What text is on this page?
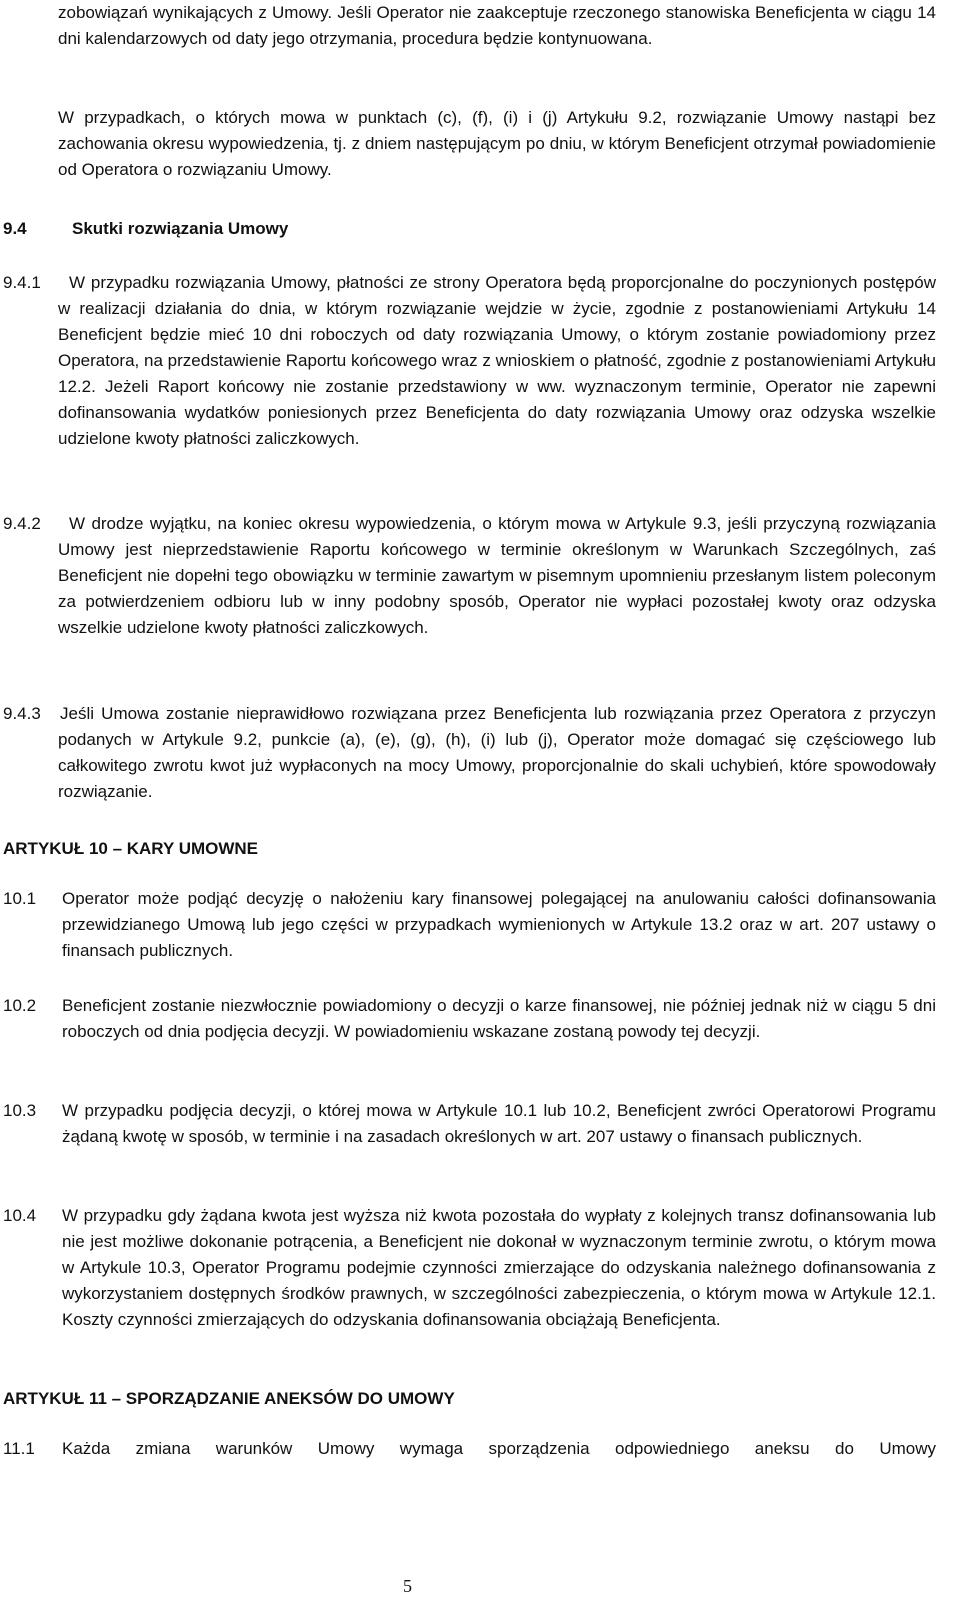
zobowiązań wynikających z Umowy. Jeśli Operator nie zaakceptuje rzeczonego stanowiska Beneficjenta w ciągu 14 dni kalendarzowych od daty jego otrzymania, procedura będzie kontynuowana.

W przypadkach, o których mowa w punktach (c), (f), (i) i (j) Artykułu 9.2, rozwiązanie Umowy nastąpi bez zachowania okresu wypowiedzenia, tj. z dniem następującym po dniu, w którym Beneficjent otrzymał powiadomienie od Operatora o rozwiązaniu Umowy.

9.4	Skutki rozwiązania Umowy

9.4.1	W przypadku rozwiązania Umowy, płatności ze strony Operatora będą proporcjonalne do poczynionych postępów w realizacji działania do dnia, w którym rozwiązanie wejdzie w życie, zgodnie z postanowieniami Artykułu 14 Beneficjent będzie mieć 10 dni roboczych od daty rozwiązania Umowy, o którym zostanie powiadomiony przez Operatora, na przedstawienie Raportu końcowego wraz z wnioskiem o płatność, zgodnie z postanowieniami Artykułu 12.2. Jeżeli Raport końcowy nie zostanie przedstawiony w ww. wyznaczonym terminie, Operator nie zapewni dofinansowania wydatków poniesionych przez Beneficjenta do daty rozwiązania Umowy oraz odzyska wszelkie udzielone kwoty płatności zaliczkowych.

9.4.2	W drodze wyjątku, na koniec okresu wypowiedzenia, o którym mowa w Artykule 9.3, jeśli przyczyną rozwiązania Umowy jest nieprzedstawienie Raportu końcowego w terminie określonym w Warunkach Szczególnych, zaś Beneficjent nie dopełni tego obowiązku w terminie zawartym w pisemnym upomnieniu przesłanym listem poleconym za potwierdzeniem odbioru lub w inny podobny sposób, Operator nie wypłaci pozostałej kwoty oraz odzyska wszelkie udzielone kwoty płatności zaliczkowych.

9.4.3 Jeśli Umowa zostanie nieprawidłowo rozwiązana przez Beneficjenta lub rozwiązania przez Operatora z przyczyn podanych w Artykule 9.2, punkcie (a), (e), (g), (h), (i) lub (j), Operator może domagać się częściowego lub całkowitego zwrotu kwot już wypłaconych na mocy Umowy, proporcjonalnie do skali uchybień, które spowodowały rozwiązanie.

ARTYKUŁ 10 – KARY UMOWNE

10.1 Operator może podjąć decyzję o nałożeniu kary finansowej polegającej na anulowaniu całości dofinansowania przewidzianego Umową lub jego części w przypadkach wymienionych w Artykule 13.2 oraz w art. 207 ustawy o finansach publicznych.

10.2 Beneficjent zostanie niezwłocznie powiadomiony o decyzji o karze finansowej, nie później jednak niż w ciągu 5 dni roboczych od dnia podjęcia decyzji. W powiadomieniu wskazane zostaną powody tej decyzji.

10.3 W przypadku podjęcia decyzji, o której mowa w Artykule 10.1 lub 10.2, Beneficjent zwróci Operatorowi Programu żądaną kwotę w sposób, w terminie i na zasadach określonych w art. 207 ustawy o finansach publicznych.

10.4 W przypadku gdy żądana kwota jest wyższa niż kwota pozostała do wypłaty z kolejnych transz dofinansowania lub nie jest możliwe dokonanie potrącenia, a Beneficjent nie dokonał w wyznaczonym terminie zwrotu, o którym mowa w Artykule 10.3, Operator Programu podejmie czynności zmierzające do odzyskania należnego dofinansowania z wykorzystaniem dostępnych środków prawnych, w szczególności zabezpieczenia, o którym mowa w Artykule 12.1. Koszty czynności zmierzających do odzyskania dofinansowania obciążają Beneficjenta.

ARTYKUŁ 11 – SPORZĄDZANIE ANEKSÓW DO UMOWY

11.1 Każda zmiana warunków Umowy wymaga sporządzenia odpowiedniego aneksu do Umowy

5
